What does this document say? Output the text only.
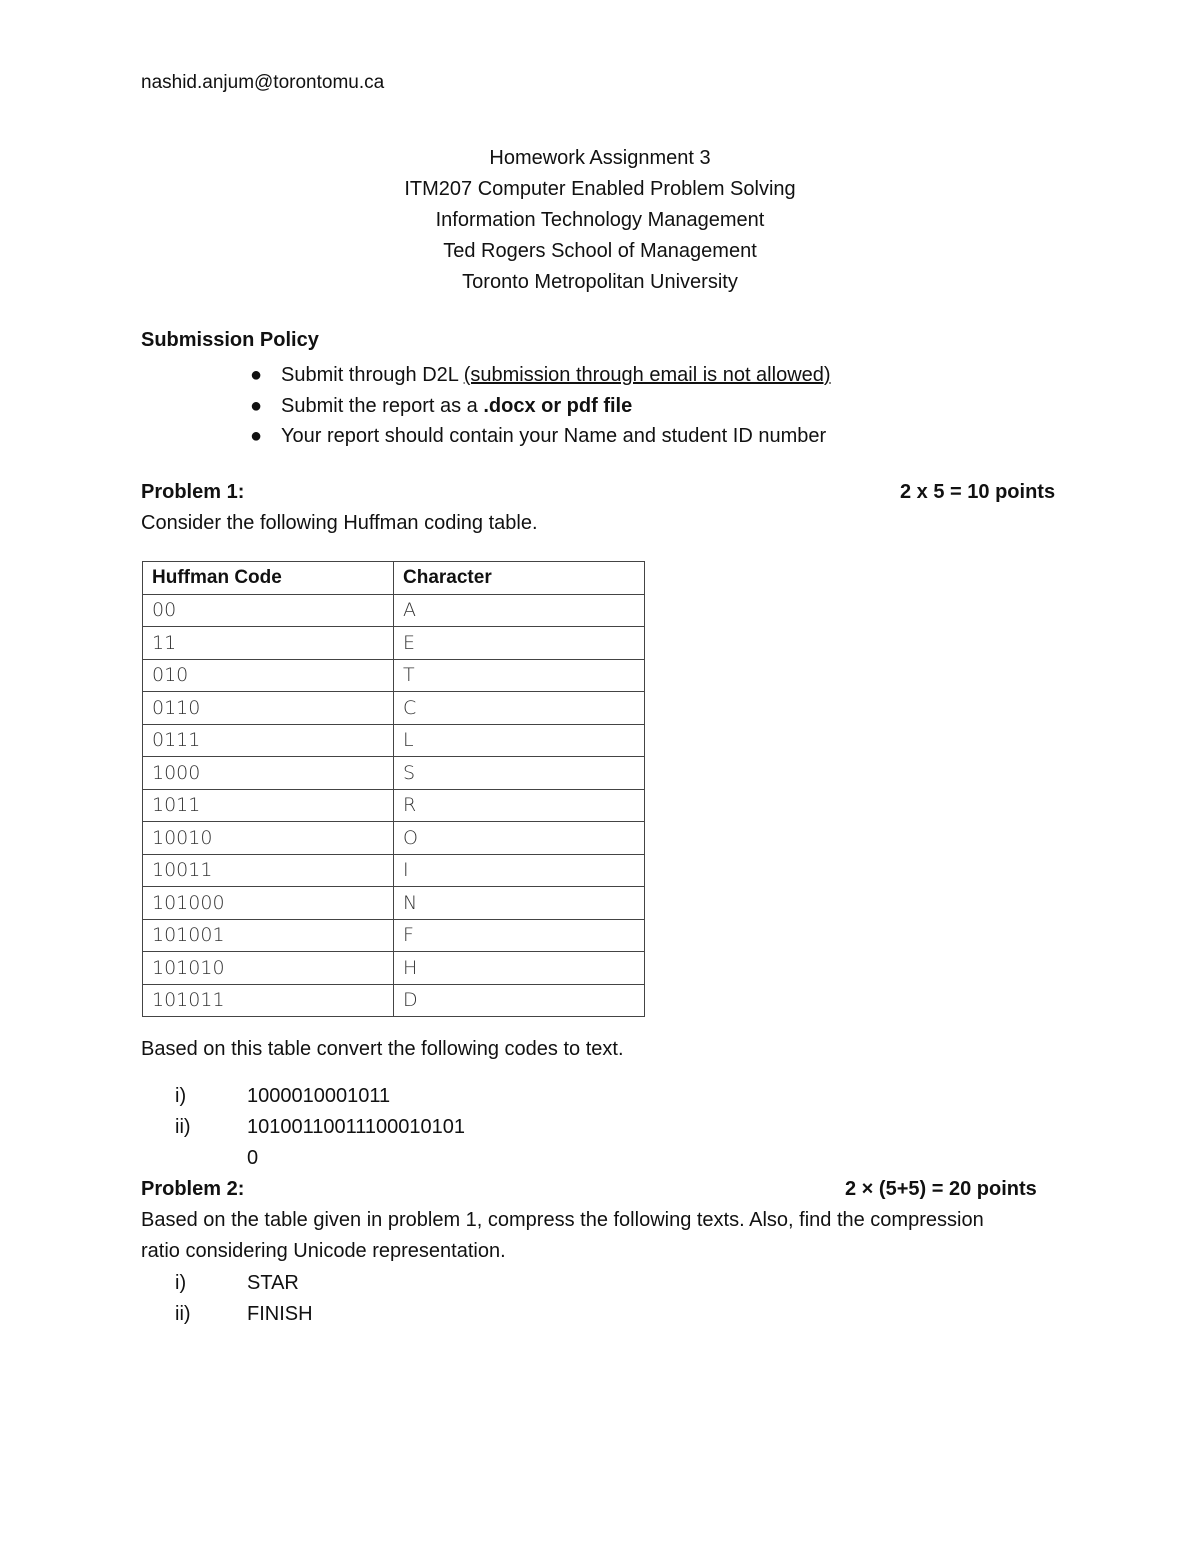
nashid.anjum@torontomu.ca
Homework Assignment 3
ITM207 Computer Enabled Problem Solving
Information Technology Management
Ted Rogers School of Management
Toronto Metropolitan University
Submission Policy
● Submit through D2L (submission through email is not allowed)
● Submit the report as a .docx or pdf file
● Your report should contain your Name and student ID number
Problem 1:	2 x 5 = 10 points
Consider the following Huffman coding table.
Huffman Code	Character
00	A
11	E
010	T
0110	C
0111	L
1000	S
1011	R
10010	O
10011	I
101000	N
101001	F
101010	H
101011	D
Based on this table convert the following codes to text.
i)	1000010001011
ii)	10100110011100010101 0
Problem 2:	2 × (5+5) = 20 points
Based on the table given in problem 1, compress the following texts. Also, find the compression
ratio considering Unicode representation.
i)	STAR
ii)	FINISH
